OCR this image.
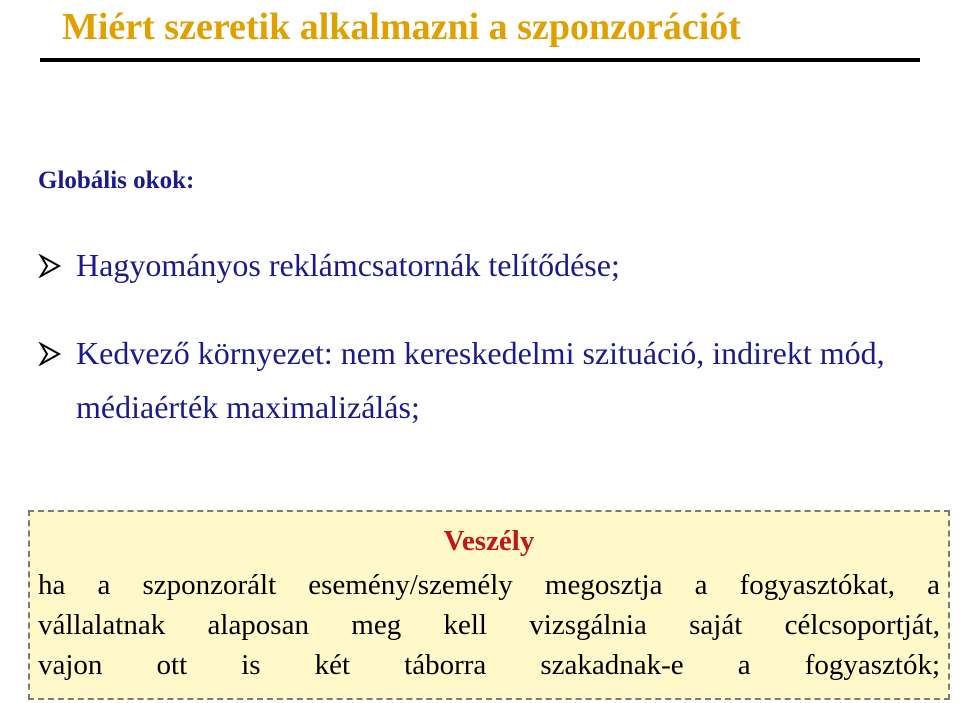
Miért szeretik alkalmazni a szponzorációt
Globális okok:
Hagyományos reklámcsatornák telítődése;
Kedvező környezet: nem kereskedelmi szituáció, indirekt mód, médiaérték maximalizálás;
Veszély
ha a szponzorált esemény/személy megosztja a fogyasztókat, a
vállalatnak alaposan meg kell vizsgálnia saját célcsoportját,
vajon ott is két táborra szakadnak-e a fogyasztók;
